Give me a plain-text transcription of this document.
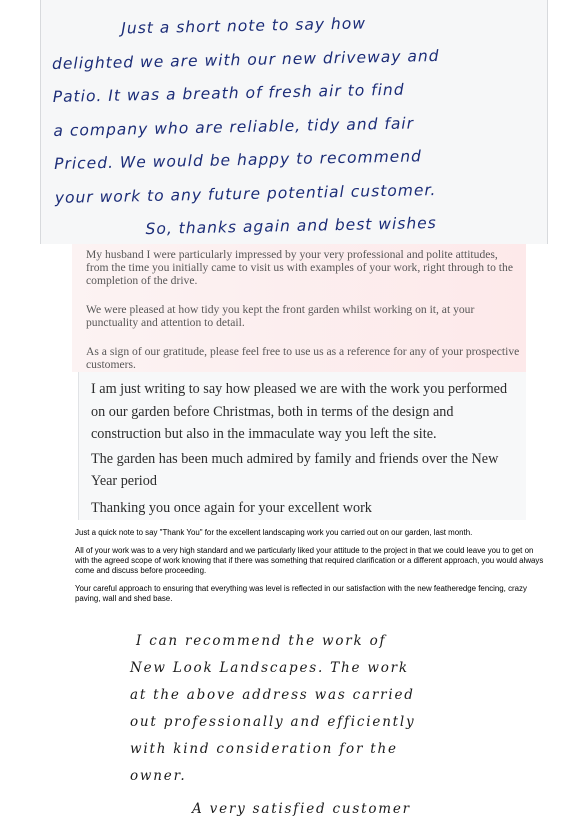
Just a short note to say how
delighted we are with our new driveway and
Patio. It was a breath of fresh air to find
a company who are reliable, tidy and fair
Priced. We would be happy to recommend
your work to any future potential customer.
So, thanks again and best wishes

My husband I were particularly impressed by your very professional and polite attitudes, from the time you initially came to visit us with examples of your work, right through to the completion of the drive.

We were pleased at how tidy you kept the front garden whilst working on it, at your punctuality and attention to detail.

As a sign of our gratitude, please feel free to use us as a reference for any of your prospective customers.

I am just writing to say how pleased we are with the work you performed on our garden before Christmas, both in terms of the design and construction but also in the immaculate way you left the site.

The garden has been much admired by family and friends over the New Year period

Thanking you once again for your excellent work

Just a quick note to say "Thank You" for the excellent landscaping work you carried out on our garden, last month.

All of your work was to a very high standard and we particularly liked your attitude to the project in that we could leave you to get on with the agreed scope of work knowing that if there was something that required clarification or a different approach, you would always come and discuss before proceeding.

Your careful approach to ensuring that everything was level is reflected in our satisfaction with the new featheredge fencing, crazy paving, wall and shed base.

I can recommend the work of
New Look Landscapes. The work
at the above address was carried
out professionally and efficiently
with kind consideration for the
owner.
A very satisfied customer
